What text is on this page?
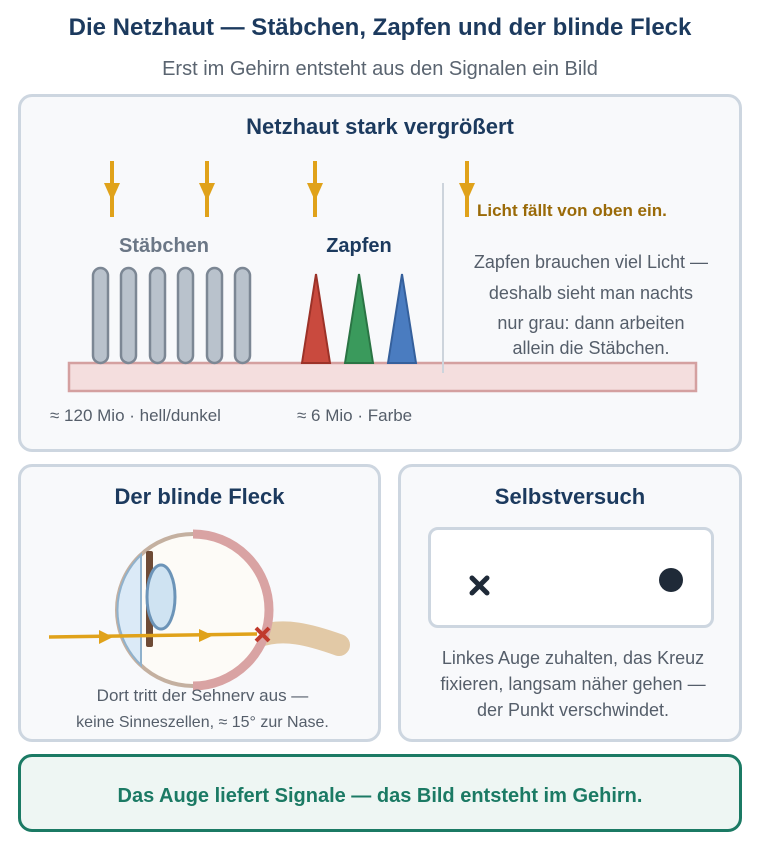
Die Netzhaut — Stäbchen, Zapfen und der blinde Fleck
Erst im Gehirn entsteht aus den Signalen ein Bild
Netzhaut stark vergrößert
Stäbchen	Zapfen
Licht fällt von oben ein.
Zapfen brauchen viel Licht —
deshalb sieht man nachts
nur grau: dann arbeiten
allein die Stäbchen.
≈ 120 Mio · hell/dunkel	≈ 6 Mio · Farbe
Der blinde Fleck
Dort tritt der Sehnerv aus —
keine Sinneszellen, ≈ 15° zur Nase.
Selbstversuch
Linkes Auge zuhalten, das Kreuz
fixieren, langsam näher gehen —
der Punkt verschwindet.
Das Auge liefert Signale — das Bild entsteht im Gehirn.
